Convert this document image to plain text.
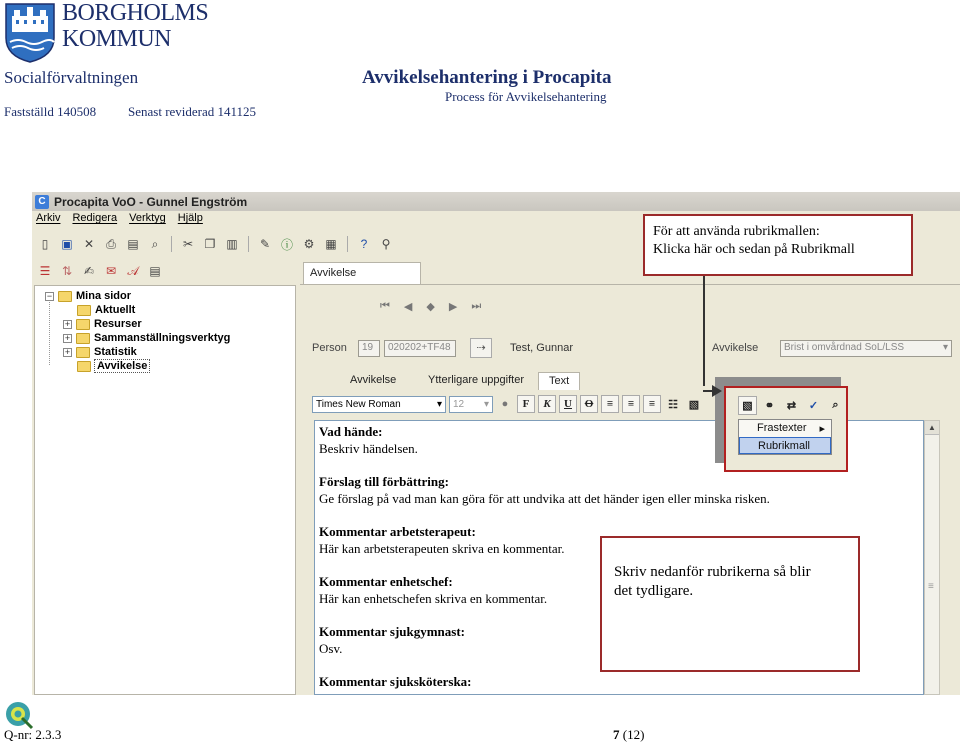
BORGHOLMS
KOMMUN
Socialförvaltningen	Avvikelsehantering i Procapita
Process för Avvikelsehantering
Fastställd 140508 Senast reviderad 141125
C Procapita VoO - Gunnel Engström
Arkiv Redigera Verktyg Hjälp
▯	▣ ✕	⎙ ▤	⌕	✂ ❐ ▥	✎ ⓘ ⚙ ▦	?	⚲
☰ ⇅ ✍ ✉ 𝒜 ▤
− Mina sidor
Aktuellt
+ Resurser
+ Sammanställningsverktyg
+ Statistik
Avvikelse
Avvikelse
⏮ ◀ ◆ ▶ ⏭
Person	19	020202+TF48	⇢	Test, Gunnar	Avvikelse	Brist i omvårdnad SoL/LSS	▾
Avvikelse	Ytterligare uppgifter	Text
Times New Roman	▾ 12 ▾	●	F	K	U	O	≡	≡	≡	☷ ▧
Vad hände:
Beskriv händelsen.
Förslag till förbättring:
Ge förslag på vad man kan göra för att undvika att det händer igen eller minska risken.
Kommentar arbetsterapeut:
Här kan arbetsterapeuten skriva en kommentar.
Kommentar enhetschef:
Här kan enhetschefen skriva en kommentar.
Kommentar sjukgymnast:
Osv.
Kommentar sjuksköterska:
▲
≡
▧	⚭	⇄	✓	⌕
Frastexter ▸
Rubrikmall
För att använda rubrikmallen:
Klicka här och sedan på Rubrikmall
Skriv nedanför rubrikerna så blir
det tydligare.
Q-nr: 2.3.3	7 (12)
